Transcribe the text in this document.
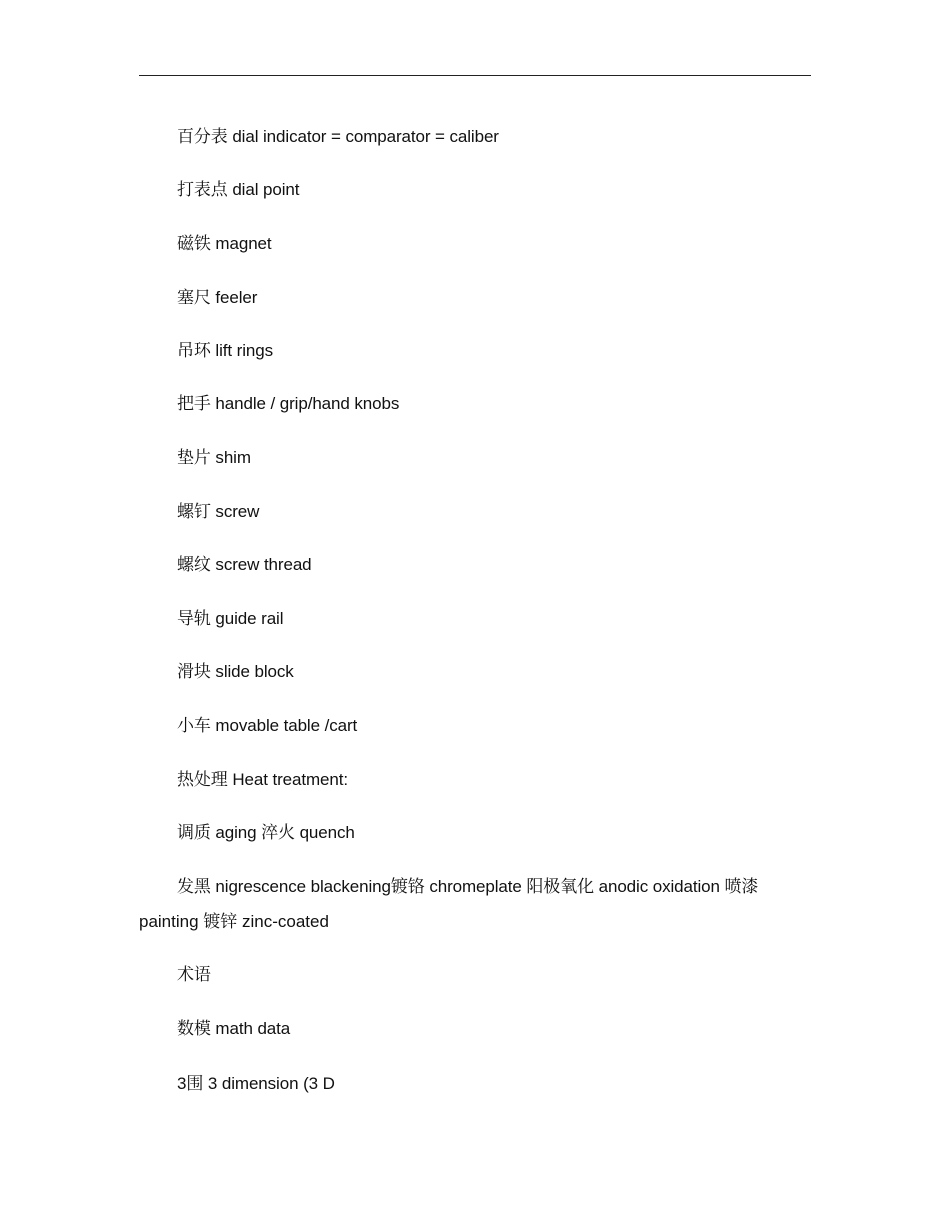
百分表 dial indicator = comparator = caliber
打表点 dial point
磁铁 magnet
塞尺 feeler
吊环 lift rings
把手 handle / grip/hand knobs
垫片 shim
螺钉 screw
螺纹 screw thread
导轨 guide rail
滑块 slide block
小车 movable table /cart
热处理 Heat treatment:
调质 aging 淬火 quench
发黑 nigrescence blackening镀铬 chromeplate 阳极氧化 anodic oxidation 喷漆
painting 镀锌 zinc-coated
术语
数模 math data
3围 3 dimension (3 D
